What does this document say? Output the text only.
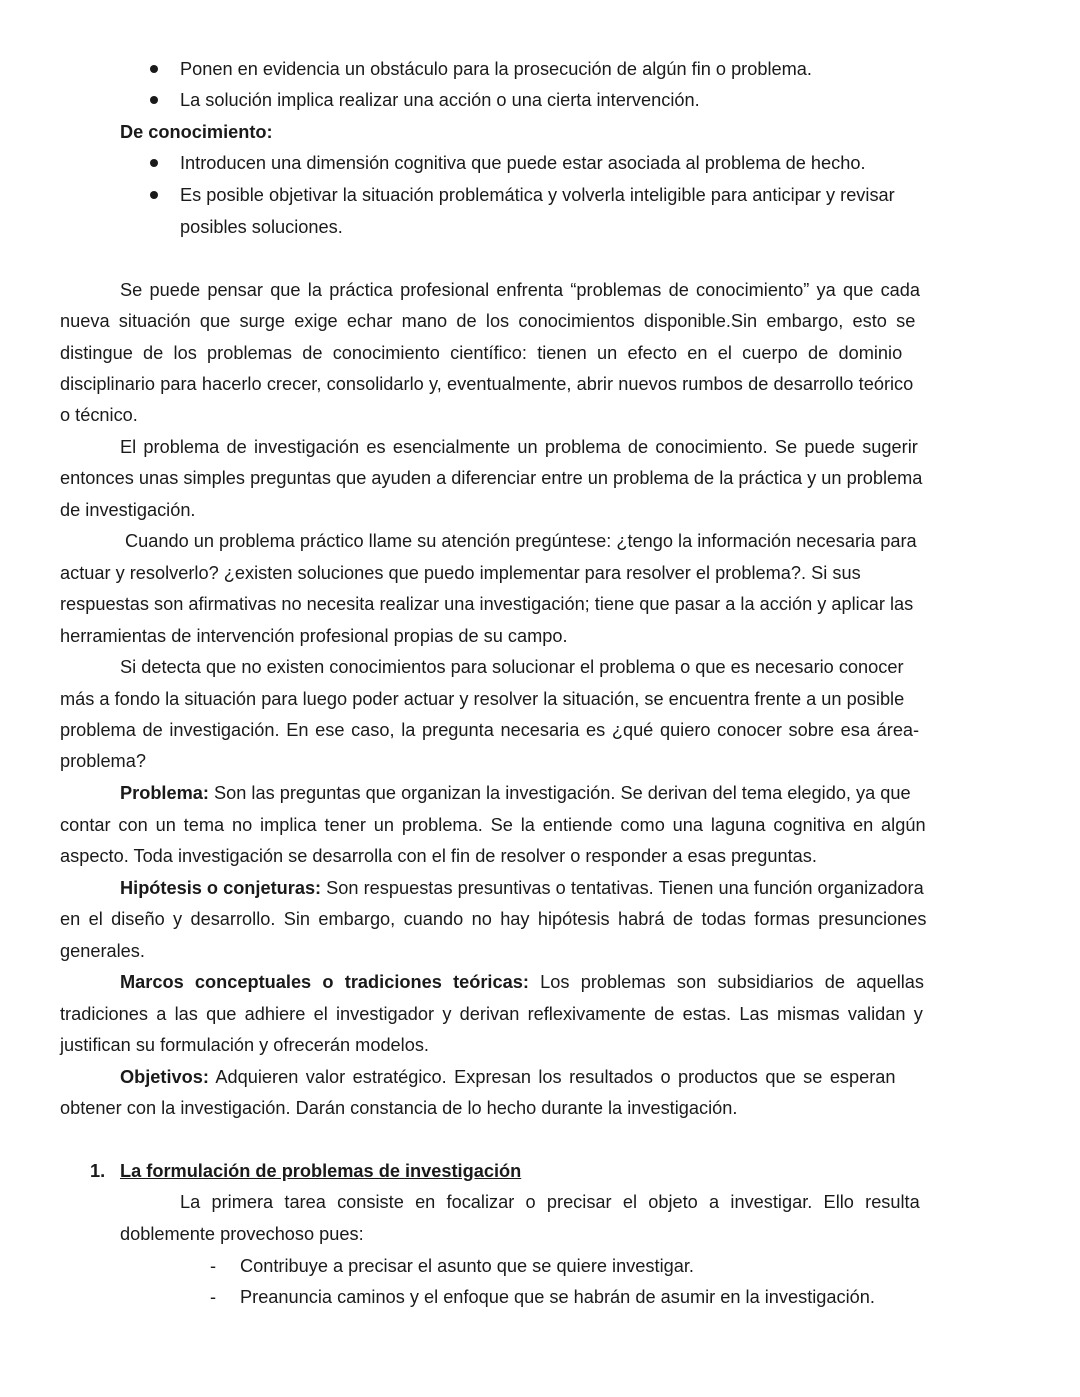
Ponen en evidencia un obstáculo para la prosecución de algún fin o problema.
La solución implica realizar una acción o una cierta intervención.
De conocimiento:
Introducen una dimensión cognitiva que puede estar asociada al problema de hecho.
Es posible objetivar la situación problemática y volverla inteligible para anticipar y revisar
posibles soluciones.
Se puede pensar que la práctica profesional enfrenta “problemas de conocimiento” ya que cada
nueva situación que surge exige echar mano de los conocimientos disponible.Sin embargo, esto se
distingue de los problemas de conocimiento científico: tienen un efecto en el cuerpo de dominio
disciplinario para hacerlo crecer, consolidarlo y, eventualmente, abrir nuevos rumbos de desarrollo teórico
o técnico.
El problema de investigación es esencialmente un problema de conocimiento. Se puede sugerir
entonces unas simples preguntas que ayuden a diferenciar entre un problema de la práctica y un problema
de investigación.
Cuando un problema práctico llame su atención pregúntese: ¿tengo la información necesaria para
actuar y resolverlo? ¿existen soluciones que puedo implementar para resolver el problema?. Si sus
respuestas son afirmativas no necesita realizar una investigación; tiene que pasar a la acción y aplicar las
herramientas de intervención profesional propias de su campo.
Si detecta que no existen conocimientos para solucionar el problema o que es necesario conocer
más a fondo la situación para luego poder actuar y resolver la situación, se encuentra frente a un posible
problema de investigación. En ese caso, la pregunta necesaria es ¿qué quiero conocer sobre esa área-
problema?
Problema: Son las preguntas que organizan la investigación. Se derivan del tema elegido, ya que
contar con un tema no implica tener un problema. Se la entiende como una laguna cognitiva en algún
aspecto. Toda investigación se desarrolla con el fin de resolver o responder a esas preguntas.
Hipótesis o conjeturas: Son respuestas presuntivas o tentativas. Tienen una función organizadora
en el diseño y desarrollo. Sin embargo, cuando no hay hipótesis habrá de todas formas presunciones
generales.
Marcos conceptuales o tradiciones teóricas: Los problemas son subsidiarios de aquellas
tradiciones a las que adhiere el investigador y derivan reflexivamente de estas. Las mismas validan y
justifican su formulación y ofrecerán modelos.
Objetivos: Adquieren valor estratégico. Expresan los resultados o productos que se esperan
obtener con la investigación. Darán constancia de lo hecho durante la investigación.
1. La formulación de problemas de investigación
La primera tarea consiste en focalizar o precisar el objeto a investigar. Ello resulta
doblemente provechoso pues:
- Contribuye a precisar el asunto que se quiere investigar.
- Preanuncia caminos y el enfoque que se habrán de asumir en la investigación.
